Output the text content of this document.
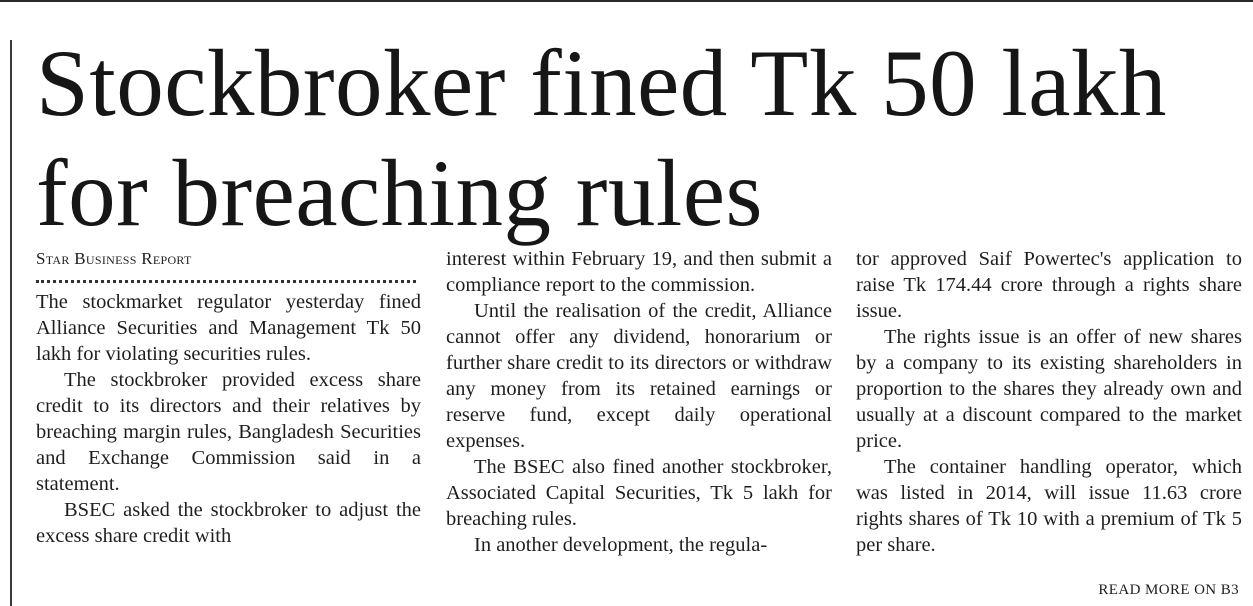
Stockbroker fined Tk 50 lakh for breaching rules
Star Business Report

The stockmarket regulator yesterday fined Alliance Securities and Management Tk 50 lakh for violating securities rules.

The stockbroker provided excess share credit to its directors and their relatives by breaching margin rules, Bangladesh Securities and Exchange Commission said in a statement.

BSEC asked the stockbroker to adjust the excess share credit with

interest within February 19, and then submit a compliance report to the commission.

Until the realisation of the credit, Alliance cannot offer any dividend, honorarium or further share credit to its directors or withdraw any money from its retained earnings or reserve fund, except daily operational expenses.

The BSEC also fined another stockbroker, Associated Capital Securities, Tk 5 lakh for breaching rules.

In another development, the regula-

tor approved Saif Powertec's application to raise Tk 174.44 crore through a rights share issue.

The rights issue is an offer of new shares by a company to its existing shareholders in proportion to the shares they already own and usually at a discount compared to the market price.

The container handling operator, which was listed in 2014, will issue 11.63 crore rights shares of Tk 10 with a premium of Tk 5 per share.

READ MORE ON B3
